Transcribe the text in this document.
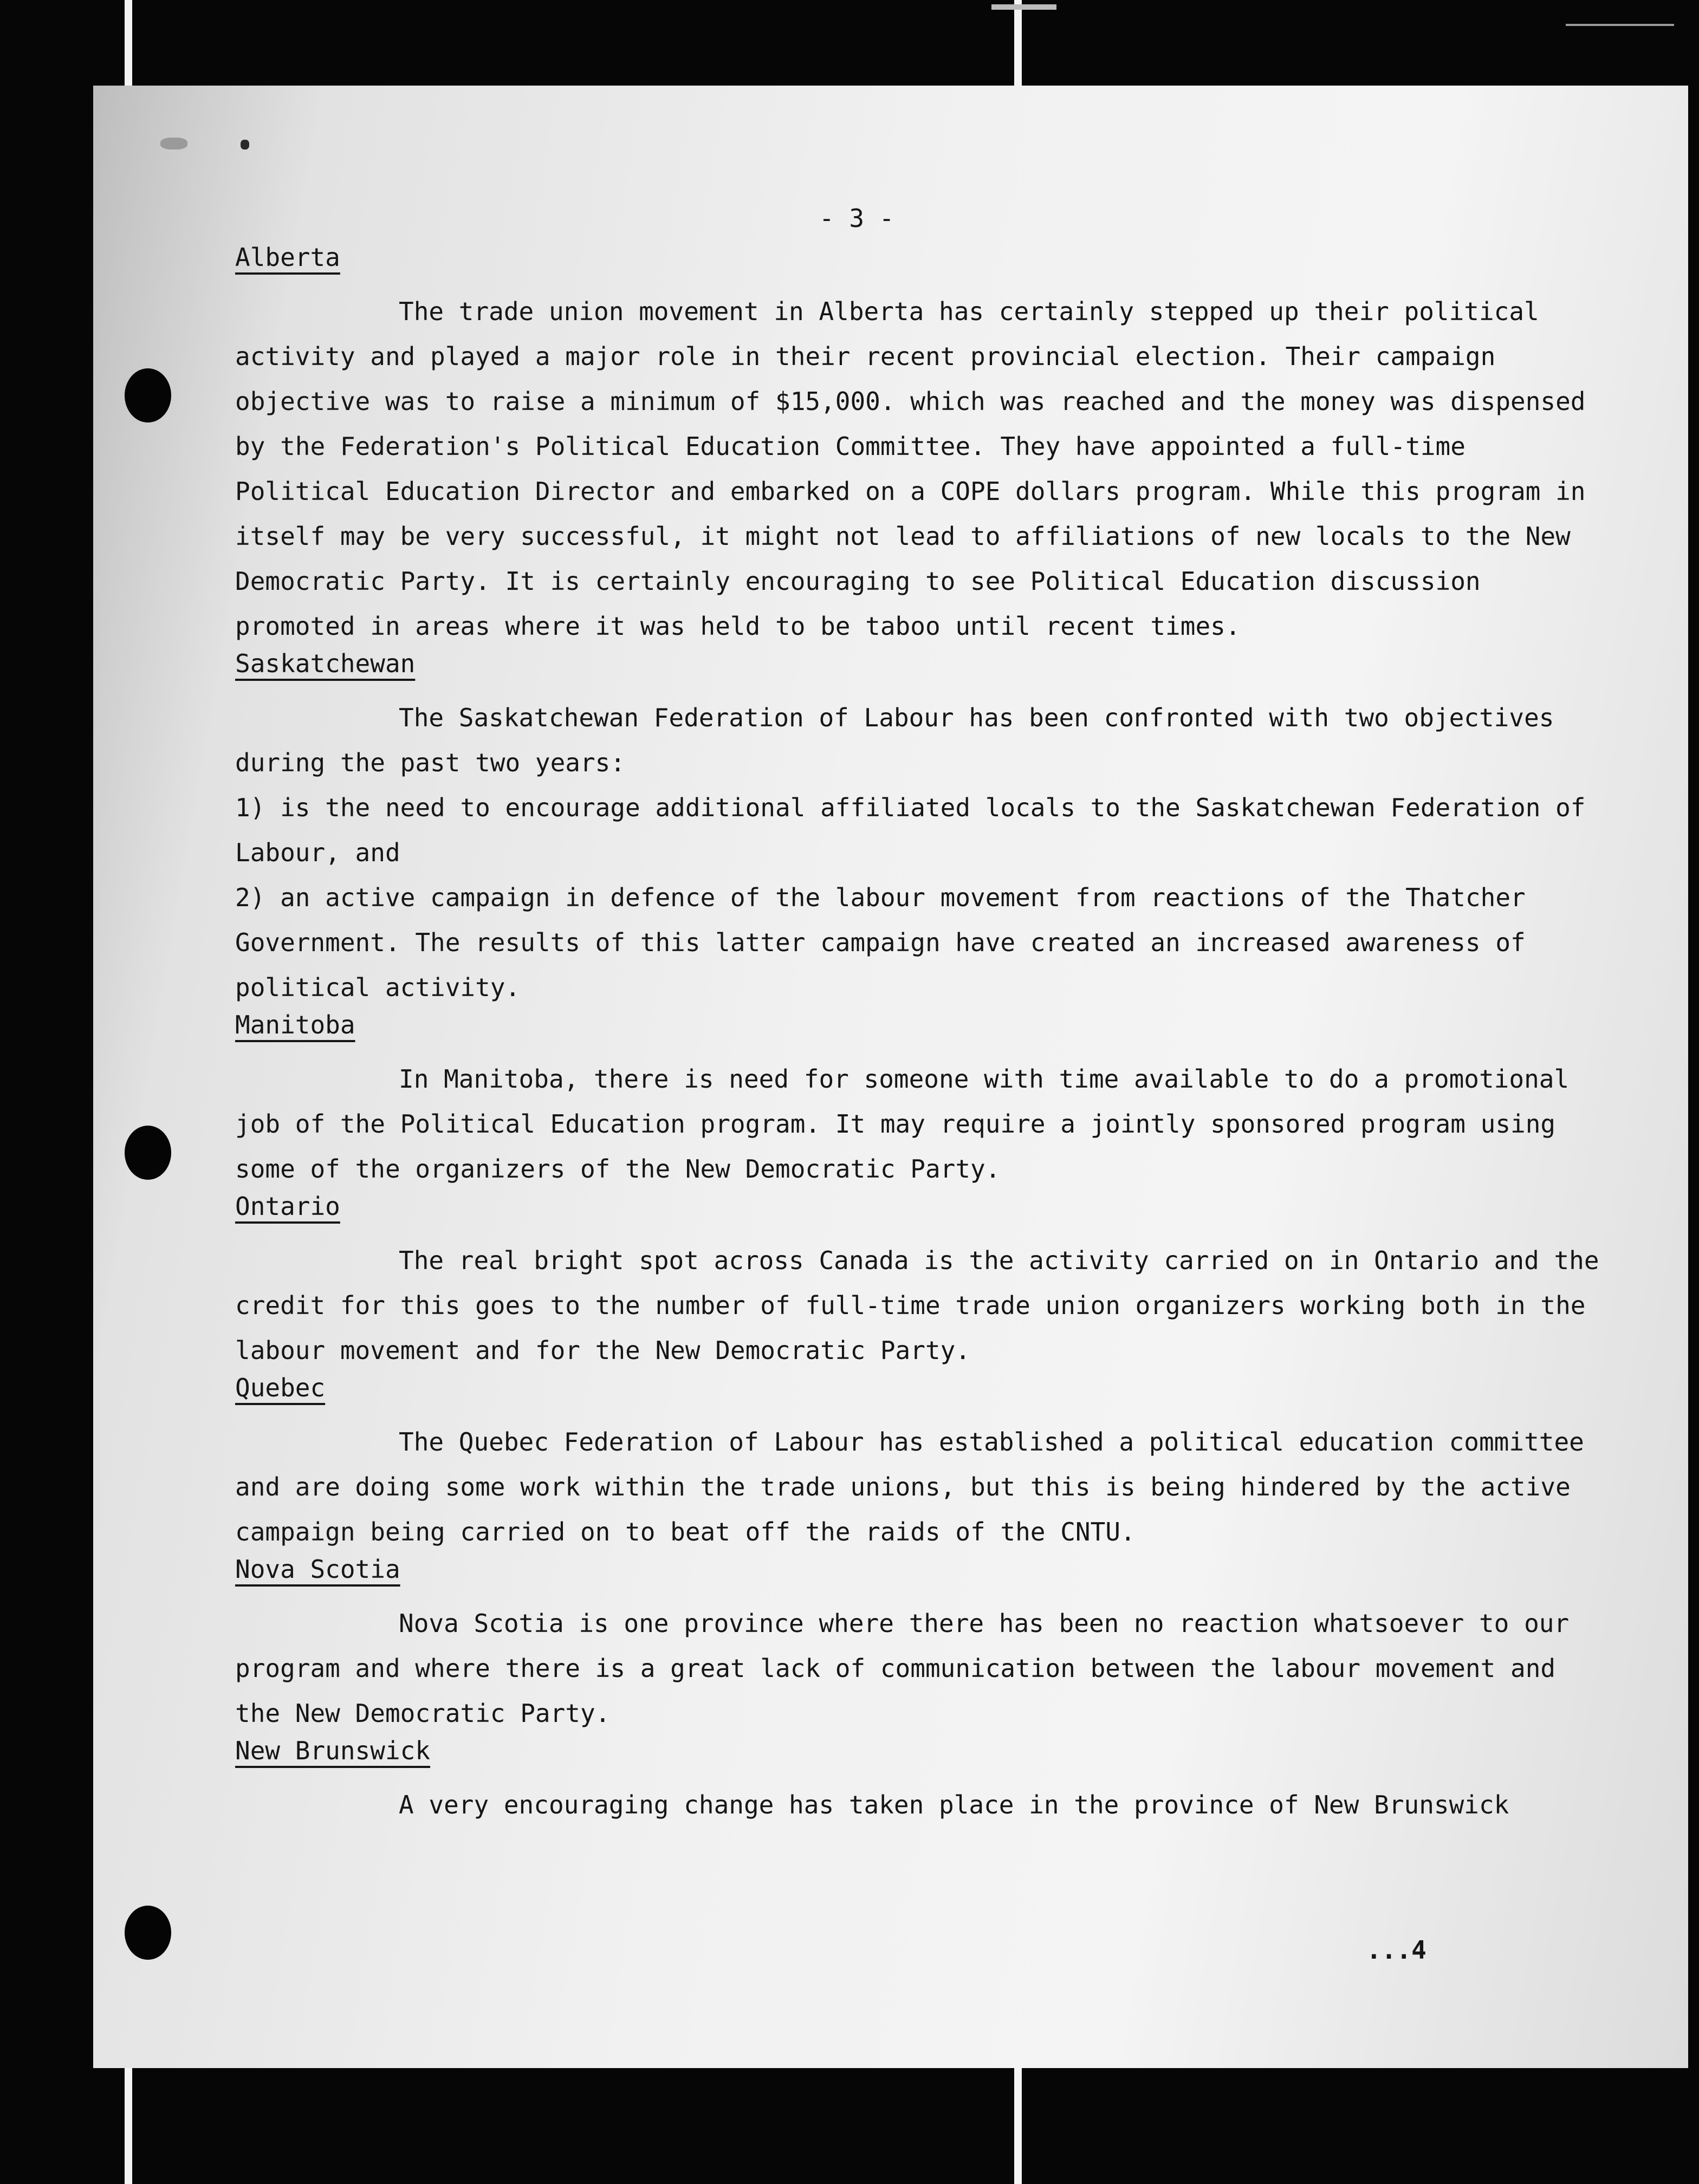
- 3 -
Alberta

The trade union movement in Alberta has certainly stepped up their political activity and played a major role in their recent provincial election. Their campaign objective was to raise a minimum of $15,000. which was reached and the money was dispensed by the Federation's Political Education Committee. They have appointed a full-time Political Education Director and embarked on a COPE dollars program. While this program in itself may be very successful, it might not lead to affiliations of new locals to the New Democratic Party. It is certainly encouraging to see Political Education discussion promoted in areas where it was held to be taboo until recent times.

Saskatchewan

The Saskatchewan Federation of Labour has been confronted with two objectives during the past two years:

1) is the need to encourage additional affiliated locals to the Saskatchewan Federation of Labour, and

2) an active campaign in defence of the labour movement from reactions of the Thatcher Government. The results of this latter campaign have created an increased awareness of political activity.

Manitoba

In Manitoba, there is need for someone with time available to do a promotional job of the Political Education program. It may require a jointly sponsored program using some of the organizers of the New Democratic Party.

Ontario

The real bright spot across Canada is the activity carried on in Ontario and the credit for this goes to the number of full-time trade union organizers working both in the labour movement and for the New Democratic Party.

Quebec

The Quebec Federation of Labour has established a political education committee and are doing some work within the trade unions, but this is being hindered by the active campaign being carried on to beat off the raids of the CNTU.

Nova Scotia

Nova Scotia is one province where there has been no reaction whatsoever to our program and where there is a great lack of communication between the labour movement and the New Democratic Party.

New Brunswick

A very encouraging change has taken place in the province of New Brunswick

...4
